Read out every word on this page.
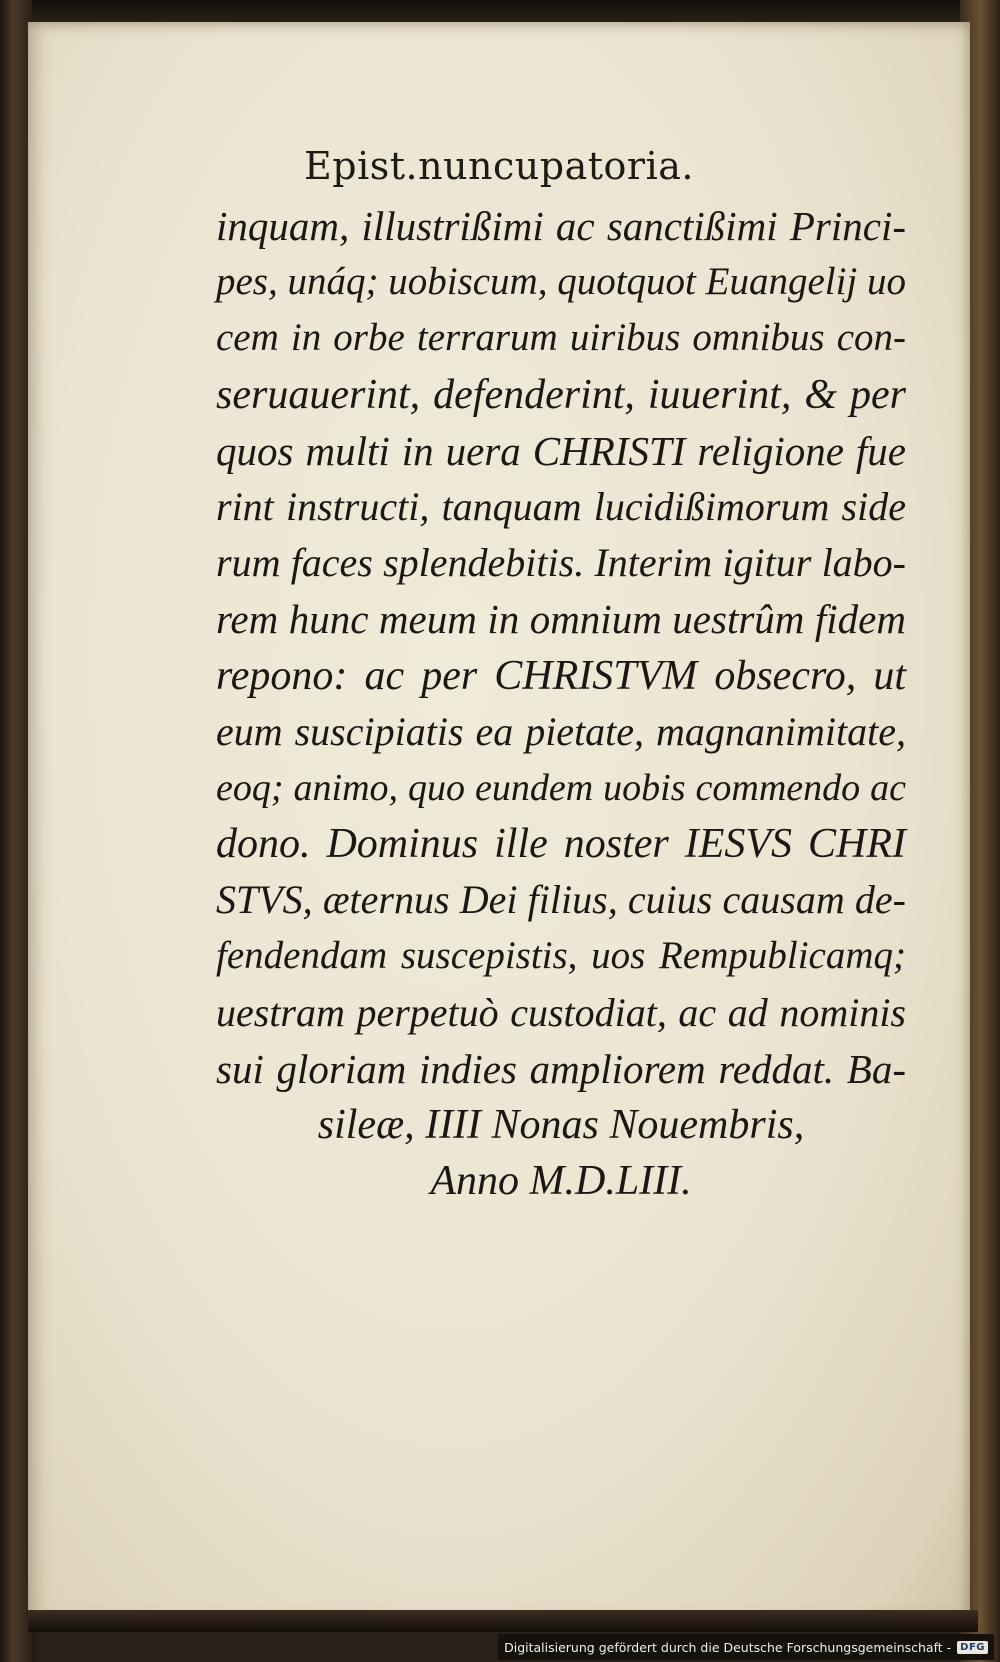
Epist.nuncupatoria.
inquam, illustrißimi ac sanctißimi Princi-
pes, unáq; uobiscum, quotquot Euangelij uo
cem in orbe terrarum uiribus omnibus con-
seruauerint, defenderint, iuuerint, & per
quos multi in uera CHRISTI religione fue
rint instructi, tanquam lucidißimorum side
rum faces splendebitis. Interim igitur labo-
rem hunc meum in omnium uestrûm fidem
repono: ac per CHRISTVM obsecro, ut
eum suscipiatis ea pietate, magnanimitate,
eoq; animo, quo eundem uobis commendo ac
dono. Dominus ille noster IESVS CHRI
STVS, æternus Dei filius, cuius causam de-
fendendam suscepistis, uos Rempublicamq;
uestram perpetuò custodiat, ac ad nominis
sui gloriam indies ampliorem reddat. Ba-
sileæ, IIII Nonas Nouembris,
Anno M.D.LIII.
Digitalisierung gefördert durch die Deutsche Forschungsgemeinschaft - DFG
